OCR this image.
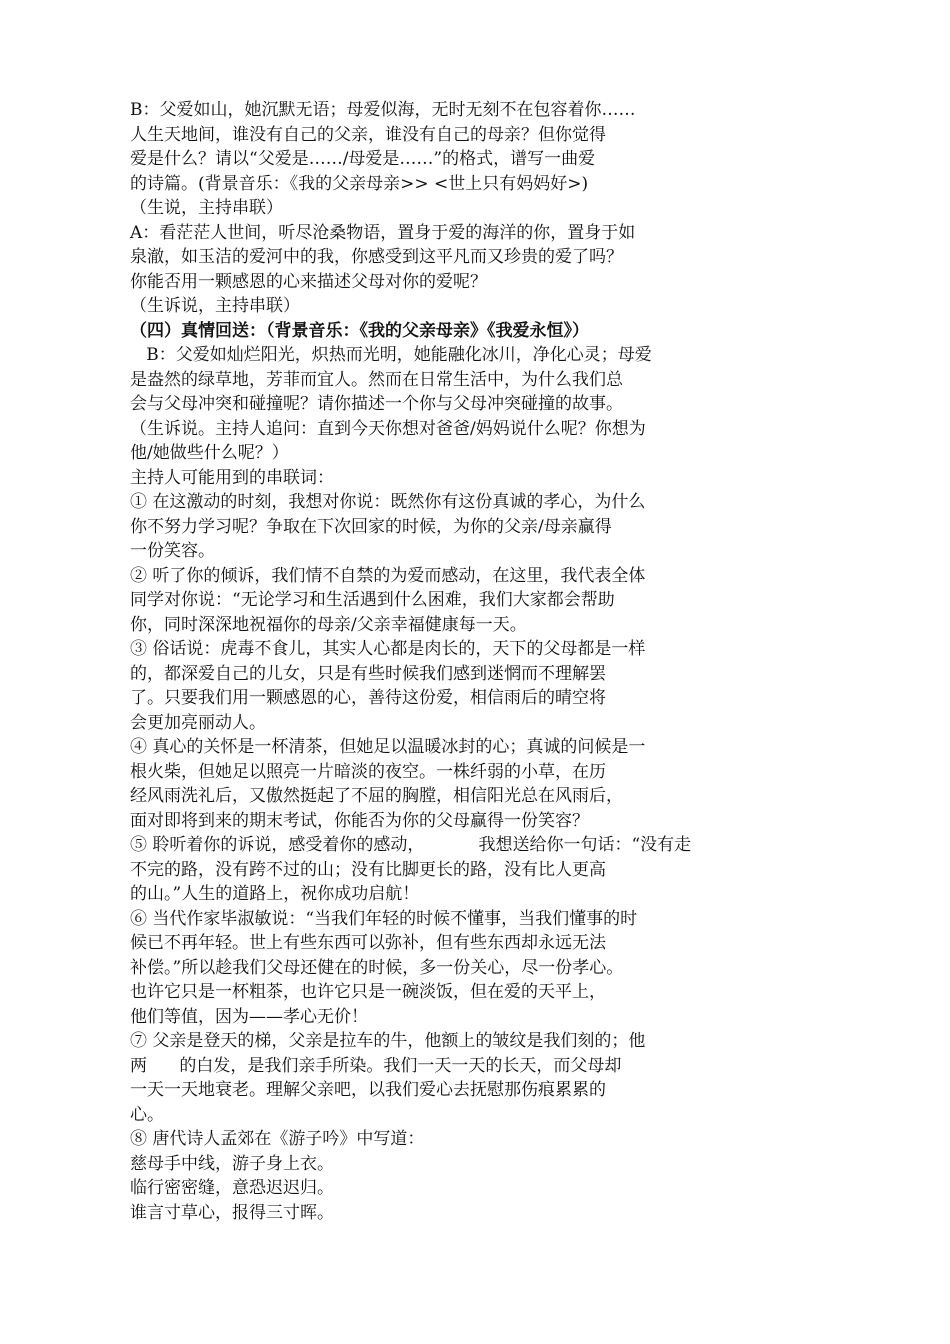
B：父爱如山，她沉默无语；母爱似海，无时无刻不在包容着你……
人生天地间，谁没有自己的父亲，谁没有自己的母亲？但你觉得
爱是什么？请以“父爱是……/母爱是……”的格式，谱写一曲爱
的诗篇。(背景音乐：《我的父亲母亲>> <世上只有妈妈好>)
（生说，主持串联）
A：看茫茫人世间，听尽沧桑物语，置身于爱的海洋的你，置身于如
泉澈，如玉洁的爱河中的我，你感受到这平凡而又珍贵的爱了吗？
你能否用一颗感恩的心来描述父母对你的爱呢？
（生诉说，主持串联）
（四）真情回送：（背景音乐：《我的父亲母亲》《我爱永恒》）
B：父爱如灿烂阳光，炽热而光明，她能融化冰川，净化心灵；母爱
是盎然的绿草地，芳菲而宜人。然而在日常生活中，为什么我们总
会与父母冲突和碰撞呢？请你描述一个你与父母冲突碰撞的故事。
（生诉说。主持人追问：直到今天你想对爸爸/妈妈说什么呢？你想为
他/她做些什么呢？）
主持人可能用到的串联词：
① 在这激动的时刻，我想对你说：既然你有这份真诚的孝心，为什么
你不努力学习呢？争取在下次回家的时候，为你的父亲/母亲赢得
一份笑容。
② 听了你的倾诉，我们情不自禁的为爱而感动，在这里，我代表全体
同学对你说：“无论学习和生活遇到什么困难，我们大家都会帮助
你，同时深深地祝福你的母亲/父亲幸福健康每一天。
③ 俗话说：虎毒不食儿，其实人心都是肉长的，天下的父母都是一样
的，都深爱自己的儿女，只是有些时候我们感到迷惘而不理解罢
了。只要我们用一颗感恩的心，善待这份爱，相信雨后的晴空将
会更加亮丽动人。
④ 真心的关怀是一杯清茶，但她足以温暖冰封的心；真诚的问候是一
根火柴，但她足以照亮一片暗淡的夜空。一株纤弱的小草，在历
经风雨洗礼后，又傲然挺起了不屈的胸膛，相信阳光总在风雨后，
面对即将到来的期末考试，你能否为你的父母赢得一份笑容？
⑤ 聆听着你的诉说，感受着你的感动，          我想送给你一句话：“没有走
不完的路，没有跨不过的山；没有比脚更长的路，没有比人更高
的山。”人生的道路上，祝你成功启航！
⑥ 当代作家毕淑敏说：“当我们年轻的时候不懂事，当我们懂事的时
候已不再年轻。世上有些东西可以弥补，但有些东西却永远无法
补偿。”所以趁我们父母还健在的时候，多一份关心，尽一份孝心。
也许它只是一杯粗茶，也许它只是一碗淡饭，但在爱的天平上，
他们等值，因为——孝心无价！
⑦ 父亲是登天的梯，父亲是拉车的牛，他额上的皱纹是我们刻的；他
两      的白发，是我们亲手所染。我们一天一天的长天，而父母却
一天一天地衰老。理解父亲吧，以我们爱心去抚慰那伤痕累累的
心。
⑧ 唐代诗人孟郊在《游子吟》中写道：
慈母手中线，游子身上衣。
临行密密缝，意恐迟迟归。
谁言寸草心，报得三寸晖。
